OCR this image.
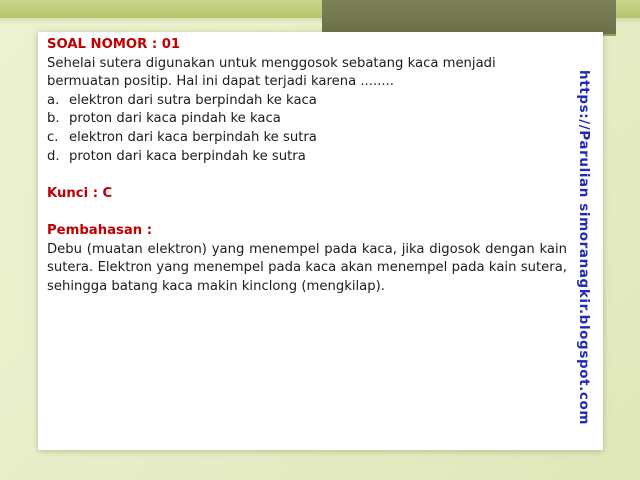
SOAL NOMOR : 01
Sehelai sutera digunakan untuk menggosok sebatang kaca menjadi
bermuatan positip. Hal ini dapat terjadi karena ........
a. elektron dari sutra berpindah ke kaca
b. proton dari kaca pindah ke kaca
c. elektron dari kaca berpindah ke sutra
d. proton dari kaca berpindah ke sutra
Kunci : C
Pembahasan :

Debu (muatan elektron) yang menempel pada kaca, jika digosok dengan kain sutera. Elektron yang menempel pada kaca akan menempel pada kain sutera, sehingga batang kaca makin kinclong (mengkilap).	https://Parulian simoranagkir.blogspot.com
